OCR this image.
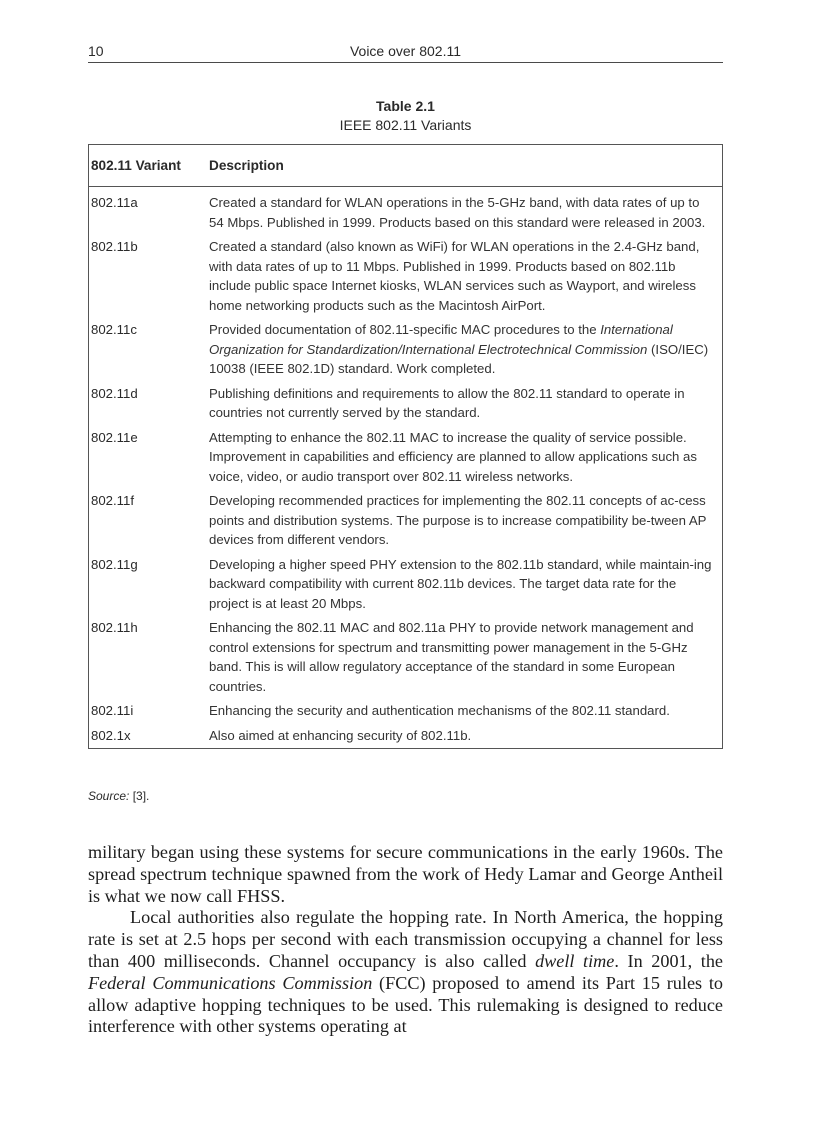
10	Voice over 802.11
Table 2.1
IEEE 802.11 Variants
802.11 Variant	Description
802.11a	Created a standard for WLAN operations in the 5-GHz band, with data rates of up to 54 Mbps. Published in 1999. Products based on this standard were released in 2003.
802.11b	Created a standard (also known as WiFi) for WLAN operations in the 2.4-GHz band, with data rates of up to 11 Mbps. Published in 1999. Products based on 802.11b include public space Internet kiosks, WLAN services such as Wayport, and wireless home networking products such as the Macintosh AirPort.
802.11c	Provided documentation of 802.11-specific MAC procedures to the International Organization for Standardization/International Electrotechnical Commission (ISO/IEC) 10038 (IEEE 802.1D) standard. Work completed.
802.11d	Publishing definitions and requirements to allow the 802.11 standard to operate in countries not currently served by the standard.
802.11e	Attempting to enhance the 802.11 MAC to increase the quality of service possible. Improvement in capabilities and efficiency are planned to allow applications such as voice, video, or audio transport over 802.11 wireless networks.
802.11f	Developing recommended practices for implementing the 802.11 concepts of ac-cess points and distribution systems. The purpose is to increase compatibility be-tween AP devices from different vendors.
802.11g	Developing a higher speed PHY extension to the 802.11b standard, while maintain-ing backward compatibility with current 802.11b devices. The target data rate for the project is at least 20 Mbps.
802.11h	Enhancing the 802.11 MAC and 802.11a PHY to provide network management and control extensions for spectrum and transmitting power management in the 5-GHz band. This is will allow regulatory acceptance of the standard in some European countries.
802.11i	Enhancing the security and authentication mechanisms of the 802.11 standard.
802.1x	Also aimed at enhancing security of 802.11b.
Source: [3].

military began using these systems for secure communications in the early 1960s. The spread spectrum technique spawned from the work of Hedy Lamar and George Antheil is what we now call FHSS.

Local authorities also regulate the hopping rate. In North America, the hopping rate is set at 2.5 hops per second with each transmission occupying a channel for less than 400 milliseconds. Channel occupancy is also called dwell time. In 2001, the Federal Communications Commission (FCC) proposed to amend its Part 15 rules to allow adaptive hopping techniques to be used. This rulemaking is designed to reduce interference with other systems operating at
